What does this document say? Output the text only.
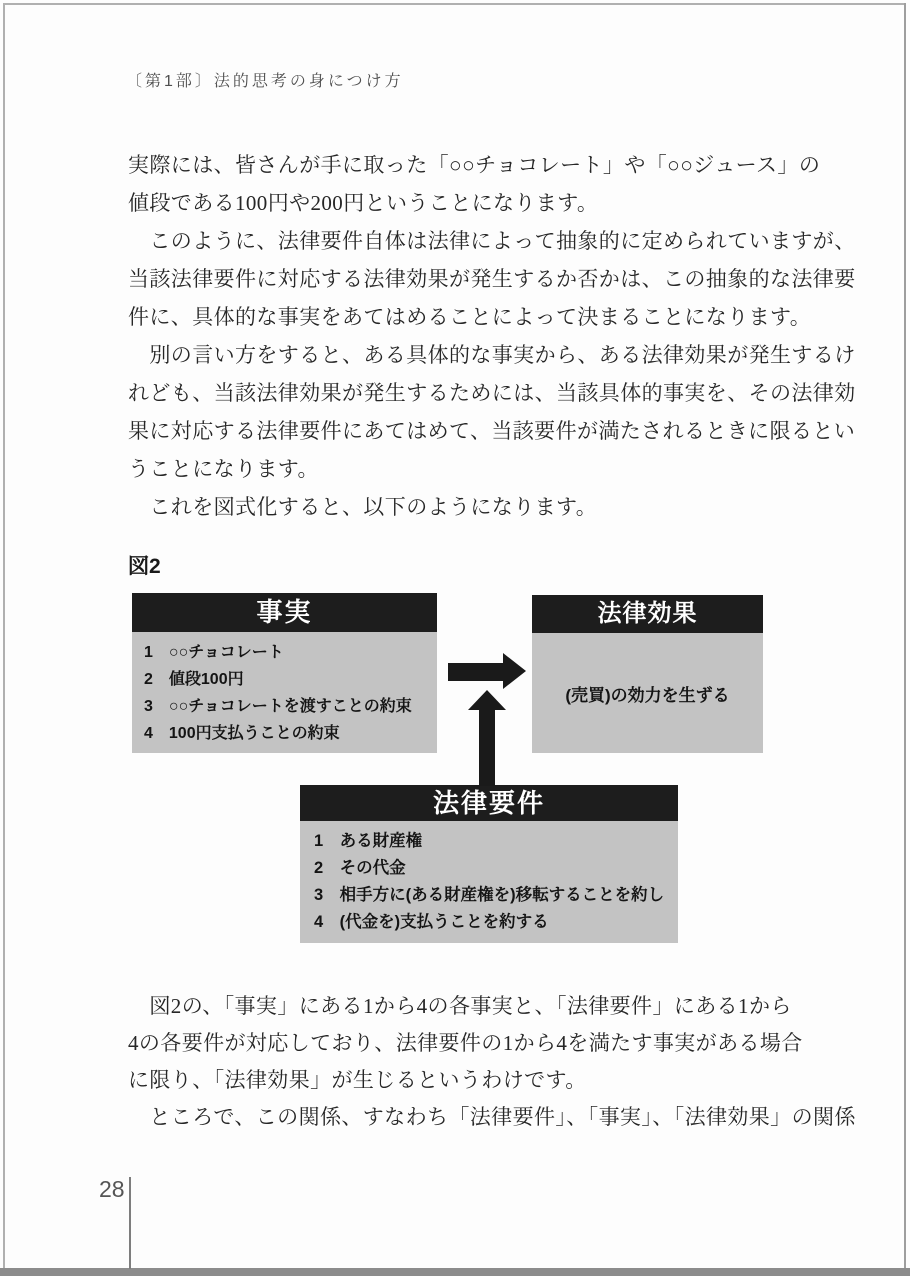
〔第1部〕法的思考の身につけ方
実際には、皆さんが手に取った「○○チョコレート」や「○○ジュース」の
値段である100円や200円ということになります。
　このように、法律要件自体は法律によって抽象的に定められていますが、
当該法律要件に対応する法律効果が発生するか否かは、この抽象的な法律要
件に、具体的な事実をあてはめることによって決まることになります。
　別の言い方をすると、ある具体的な事実から、ある法律効果が発生するけ
れども、当該法律効果が発生するためには、当該具体的事実を、その法律効
果に対応する法律要件にあてはめて、当該要件が満たされるときに限るとい
うことになります。
　これを図式化すると、以下のようになります。
図2
事実
1　○○チョコレート
2　値段100円
3　○○チョコレートを渡すことの約束
4　100円支払うことの約束
法律効果
(売買)の効力を生ずる
法律要件
1　ある財産権
2　その代金
3　相手方に(ある財産権を)移転することを約し
4　(代金を)支払うことを約する
　図2の、「事実」にある1から4の各事実と、「法律要件」にある1から
4の各要件が対応しており、法律要件の1から4を満たす事実がある場合
に限り、「法律効果」が生じるというわけです。
　ところで、この関係、すなわち「法律要件」、「事実」、「法律効果」の関係
28
